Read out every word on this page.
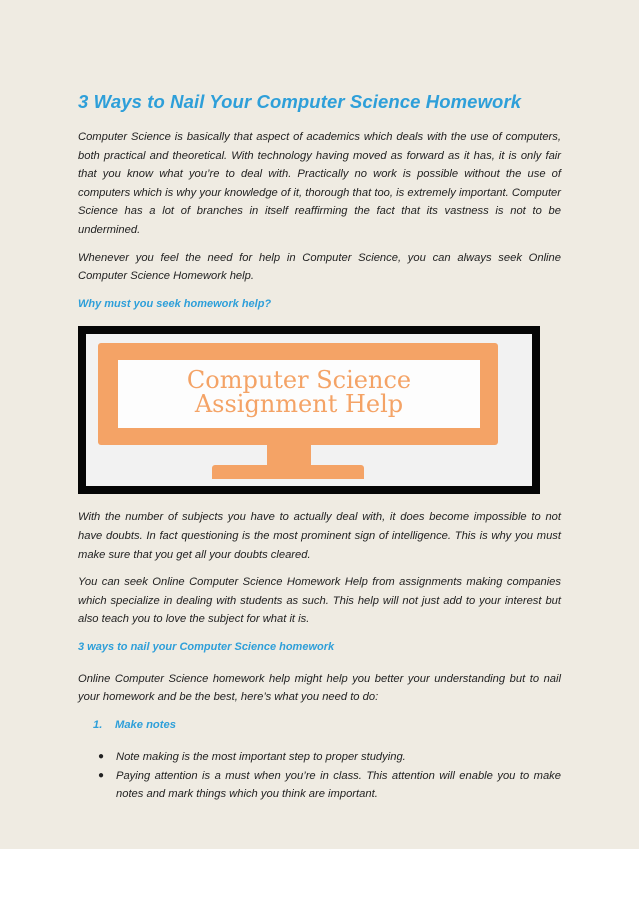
3 Ways to Nail Your Computer Science Homework

Computer Science is basically that aspect of academics which deals with the use of computers, both practical and theoretical. With technology having moved as forward as it has, it is only fair that you know what you’re to deal with. Practically no work is possible without the use of computers which is why your knowledge of it, thorough that too, is extremely important. Computer Science has a lot of branches in itself reaffirming the fact that its vastness is not to be undermined.

Whenever you feel the need for help in Computer Science, you can always seek Online Computer Science Homework help.

Why must you seek homework help?
Computer Science
Assignment Help

With the number of subjects you have to actually deal with, it does become impossible to not have doubts. In fact questioning is the most prominent sign of intelligence. This is why you must make sure that you get all your doubts cleared.

You can seek Online Computer Science Homework Help from assignments making companies which specialize in dealing with students as such. This help will not just add to your interest but also teach you to love the subject for what it is.

3 ways to nail your Computer Science homework

Online Computer Science homework help might help you better your understanding but to nail your homework and be the best, here’s what you need to do:

1. Make notes
● Note making is the most important step to proper studying.
● Paying attention is a must when you’re in class. This attention will enable you to make notes and mark things which you think are important.
